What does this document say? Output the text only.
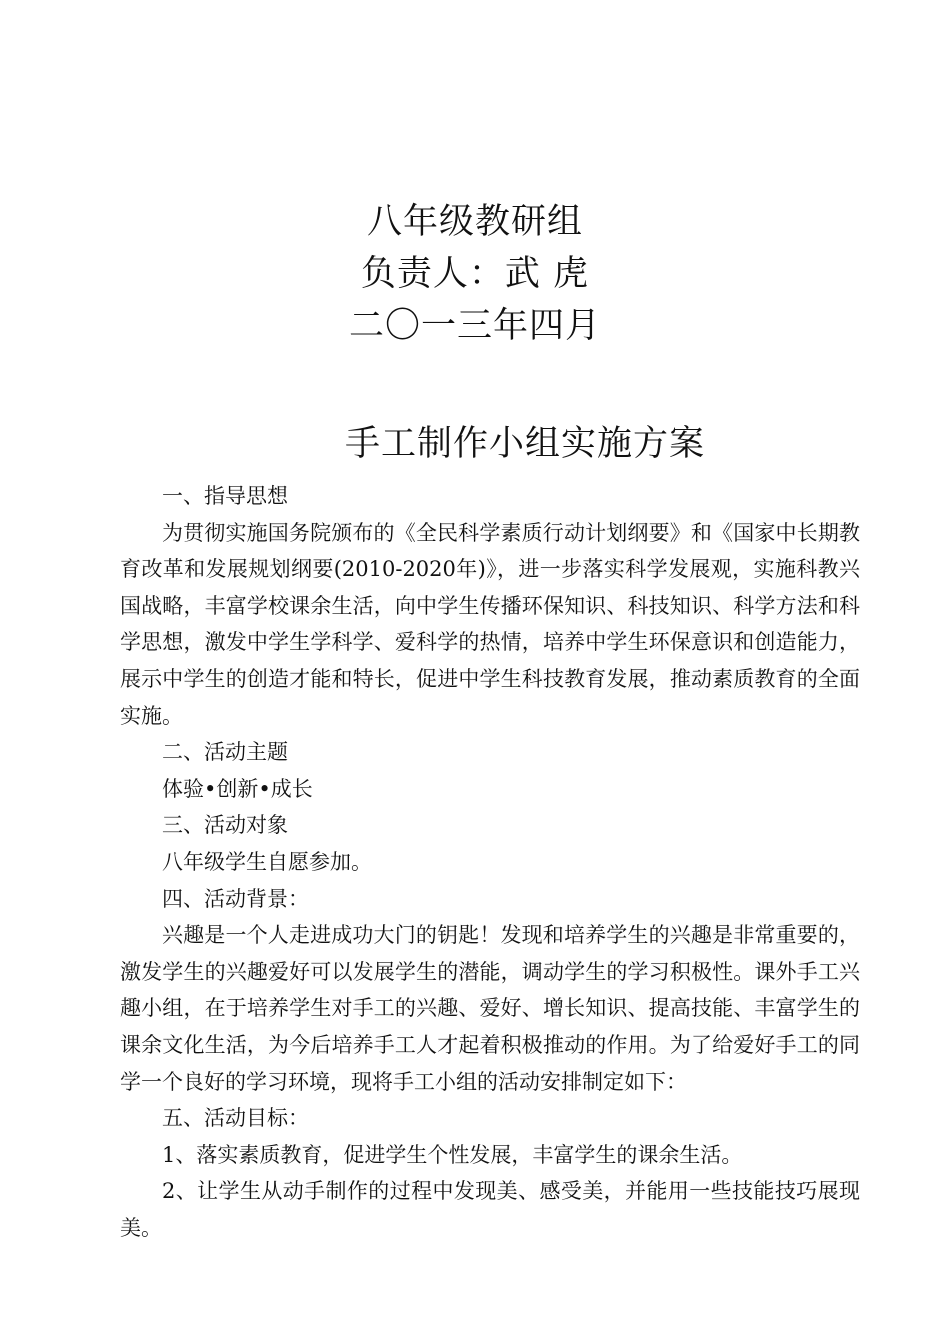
八年级教研组
负责人：武 虎
二〇一三年四月
手工制作小组实施方案

一、指导思想

为贯彻实施国务院颁布的《全民科学素质行动计划纲要》和《国家中长期教育改革和发展规划纲要(2010-2020年)》，进一步落实科学发展观，实施科教兴国战略，丰富学校课余生活，向中学生传播环保知识、科技知识、科学方法和科学思想，激发中学生学科学、爱科学的热情，培养中学生环保意识和创造能力，展示中学生的创造才能和特长，促进中学生科技教育发展，推动素质教育的全面实施。

二、活动主题

体验•创新•成长

三、活动对象

八年级学生自愿参加。

四、活动背景：

兴趣是一个人走进成功大门的钥匙！发现和培养学生的兴趣是非常重要的，激发学生的兴趣爱好可以发展学生的潜能，调动学生的学习积极性。课外手工兴趣小组，在于培养学生对手工的兴趣、爱好、增长知识、提高技能、丰富学生的课余文化生活，为今后培养手工人才起着积极推动的作用。为了给爱好手工的同学一个良好的学习环境，现将手工小组的活动安排制定如下：

五、活动目标：

1、落实素质教育，促进学生个性发展，丰富学生的课余生活。

2、让学生从动手制作的过程中发现美、感受美，并能用一些技能技巧展现美。
